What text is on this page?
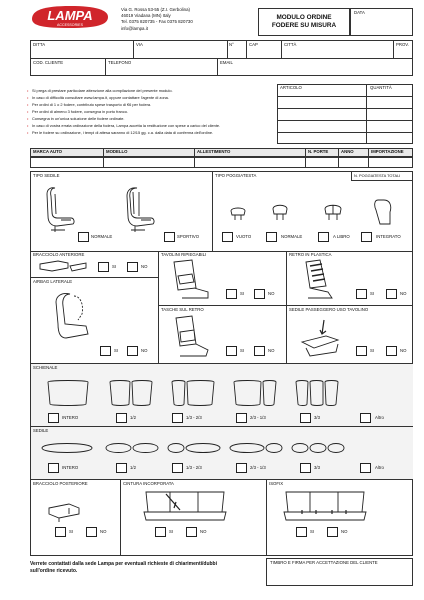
LAMPA
ACCESSORIES
Via G. Rossa 53-55 (Z.I. Gerbolina)
46019 Viadana (MN) Italy
Tel. 0375 820735 - Fax 0375 820730
info@lampa.it
MODULO ORDINE
FODERE SU MISURA
DATA
DITTA	VIA	N°	CAP	CITTÀ	PROV.
COD. CLIENTE	TELEFONO	EMAIL
• Si prega di prestare particolare attenzione alla compilazione del presente modulo.
• In caso di difficoltà consultare www.lampa.it, oppure contattare l'agente di zona.
• Per ordini di 1 o 2 fodere, contributo spese trasporto di €6 per fodera.
• Per ordini di almeno 3 fodere, consegna in porto franco.
• Consegna in un'unica soluzione delle fodere ordinate.
• In caso di vostra errata ordinazione della fodera, Lampa accetta la restituzione con spese a carico del cliente.
• Per le fodere su ordinazione, i tempi di attesa saranno di 12/15 gg. c.a. dalla data di conferma dell'ordine.
ARTICOLO	QUANTITÀ
MARCA AUTO	MODELLO	ALLESTIMENTO	N. PORTE	ANNO	IMPORTAZIONE
TIPO SEDILE	TIPO POGGIATESTA	N. POGGIATESTA TOTALI
NORMALE	SPORTIVO	VUOTO	NORMALE	A LIBRO	INTEGRATO
BRACCIOLO ANTERIORE
SI	NO
TAVOLINI RIPIEGABILI
SI	NO
RETRO IN PLASTICA
SI	NO
AIRBAG LATERALE
SI	NO
TASCHE SUL RETRO
SI	NO
SEDILE PASSEGGERO USO TAVOLINO
SI	NO
SCHIENALE
INTERO	1/2	1/3 - 2/3	2/3 - 1/3	3/3	Altro
SEDILE
INTERO	1/2	1/3 - 2/3	2/3 - 1/3	3/3	Altro
BRACCIOLO POSTERIORE
SI	NO
CINTURA INCORPORATA
SI	NO
ISOFIX
SI	NO
Verrete contattati dalla sede Lampa per eventuali richieste di chiarimenti/dubbi
sull'ordine ricevuto.
TIMBRO E FIRMA PER ACCETTAZIONE DEL CLIENTE
